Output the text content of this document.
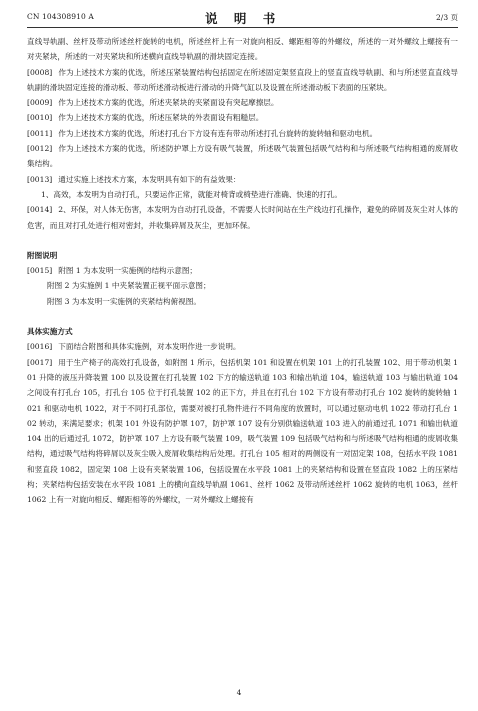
CN 104308910 A	说 明 书	2/3 页

直线导轨副、丝杆及带动所述丝杆旋转的电机，所述丝杆上有一对旋向相反、螺距相等的外螺纹，所述的一对外螺纹上螺接有一对夹紧块，所述的一对夹紧块和所述横向直线导轨副的滑块固定连接。

[0008] 作为上述技术方案的优选，所述压紧装置结构包括固定在所述固定架竖直段上的竖直直线导轨副、和与所述竖直直线导轨副的滑块固定连接的滑动板、带动所述滑动板进行滑动的升降气缸以及设置在所述滑动板下表面的压紧块。

[0009] 作为上述技术方案的优选，所述夹紧块的夹紧面设有突起摩擦层。

[0010] 作为上述技术方案的优选，所述压紧块的外表面设有粗糙层。

[0011] 作为上述技术方案的优选，所述打孔台下方设有连有带动所述打孔台旋转的旋转轴和驱动电机。

[0012] 作为上述技术方案的优选，所述防护罩上方设有吸气装置，所述吸气装置包括吸气结构和与所述吸气结构相通的废屑收集结构。

[0013] 通过实施上述技术方案，本发明具有如下的有益效果：

1、高效，本发明为自动打孔，只要运作正常，就能对椅背或椅垫进行准确、快速的打孔。

[0014] 2、环保，对人体无伤害，本发明为自动打孔设备，不需要人长时间站在生产线边打孔操作，避免的碎屑及灰尘对人体的危害，而且对打孔处进行相对密封，并收集碎屑及灰尘，更加环保。

附图说明

[0015] 附图 1 为本发明一实施例的结构示意图；

附图 2 为实施例 1 中夹紧装置正视平面示意图；

附图 3 为本发明一实施例的夹紧结构俯视图。

具体实施方式

[0016] 下面结合附图和具体实施例，对本发明作进一步说明。

[0017] 用于生产椅子的高效打孔设备，如附图 1 所示，包括机架 101 和设置在机架 101 上的打孔装置 102、用于带动机架 101 升降的液压升降装置 100 以及设置在打孔装置 102 下方的输送轨道 103 和输出轨道 104，输送轨道 103 与输出轨道 104 之间设有打孔台 105，打孔台 105 位于打孔装置 102 的正下方，并且在打孔台 102 下方设有带动打孔台 102 旋转的旋转轴 1021 和驱动电机 1022，对于不同打孔部位，需要对被打孔物件进行不同角度的放置时，可以通过驱动电机 1022 带动打孔台 102 转动，来满足要求；机架 101 外设有防护罩 107，防护罩 107 设有分别供输送轨道 103 进入的前通过孔 1071 和输出轨道 104 出的后通过孔 1072，防护罩 107 上方设有吸气装置 109，吸气装置 109 包括吸气结构和与所述吸气结构相通的废屑收集结构，通过吸气结构将碎屑以及灰尘吸入废屑收集结构后处理。打孔台 105 相对的两侧设有一对固定架 108，包括水平段 1081 和竖直段 1082，固定架 108 上设有夹紧装置 106，包括设置在水平段 1081 上的夹紧结构和设置在竖直段 1082 上的压紧结构；夹紧结构包括安装在水平段 1081 上的横向直线导轨副 1061、丝杆 1062 及带动所述丝杆 1062 旋转的电机 1063，丝杆 1062 上有一对旋向相反、螺距相等的外螺纹，一对外螺纹上螺接有

4
